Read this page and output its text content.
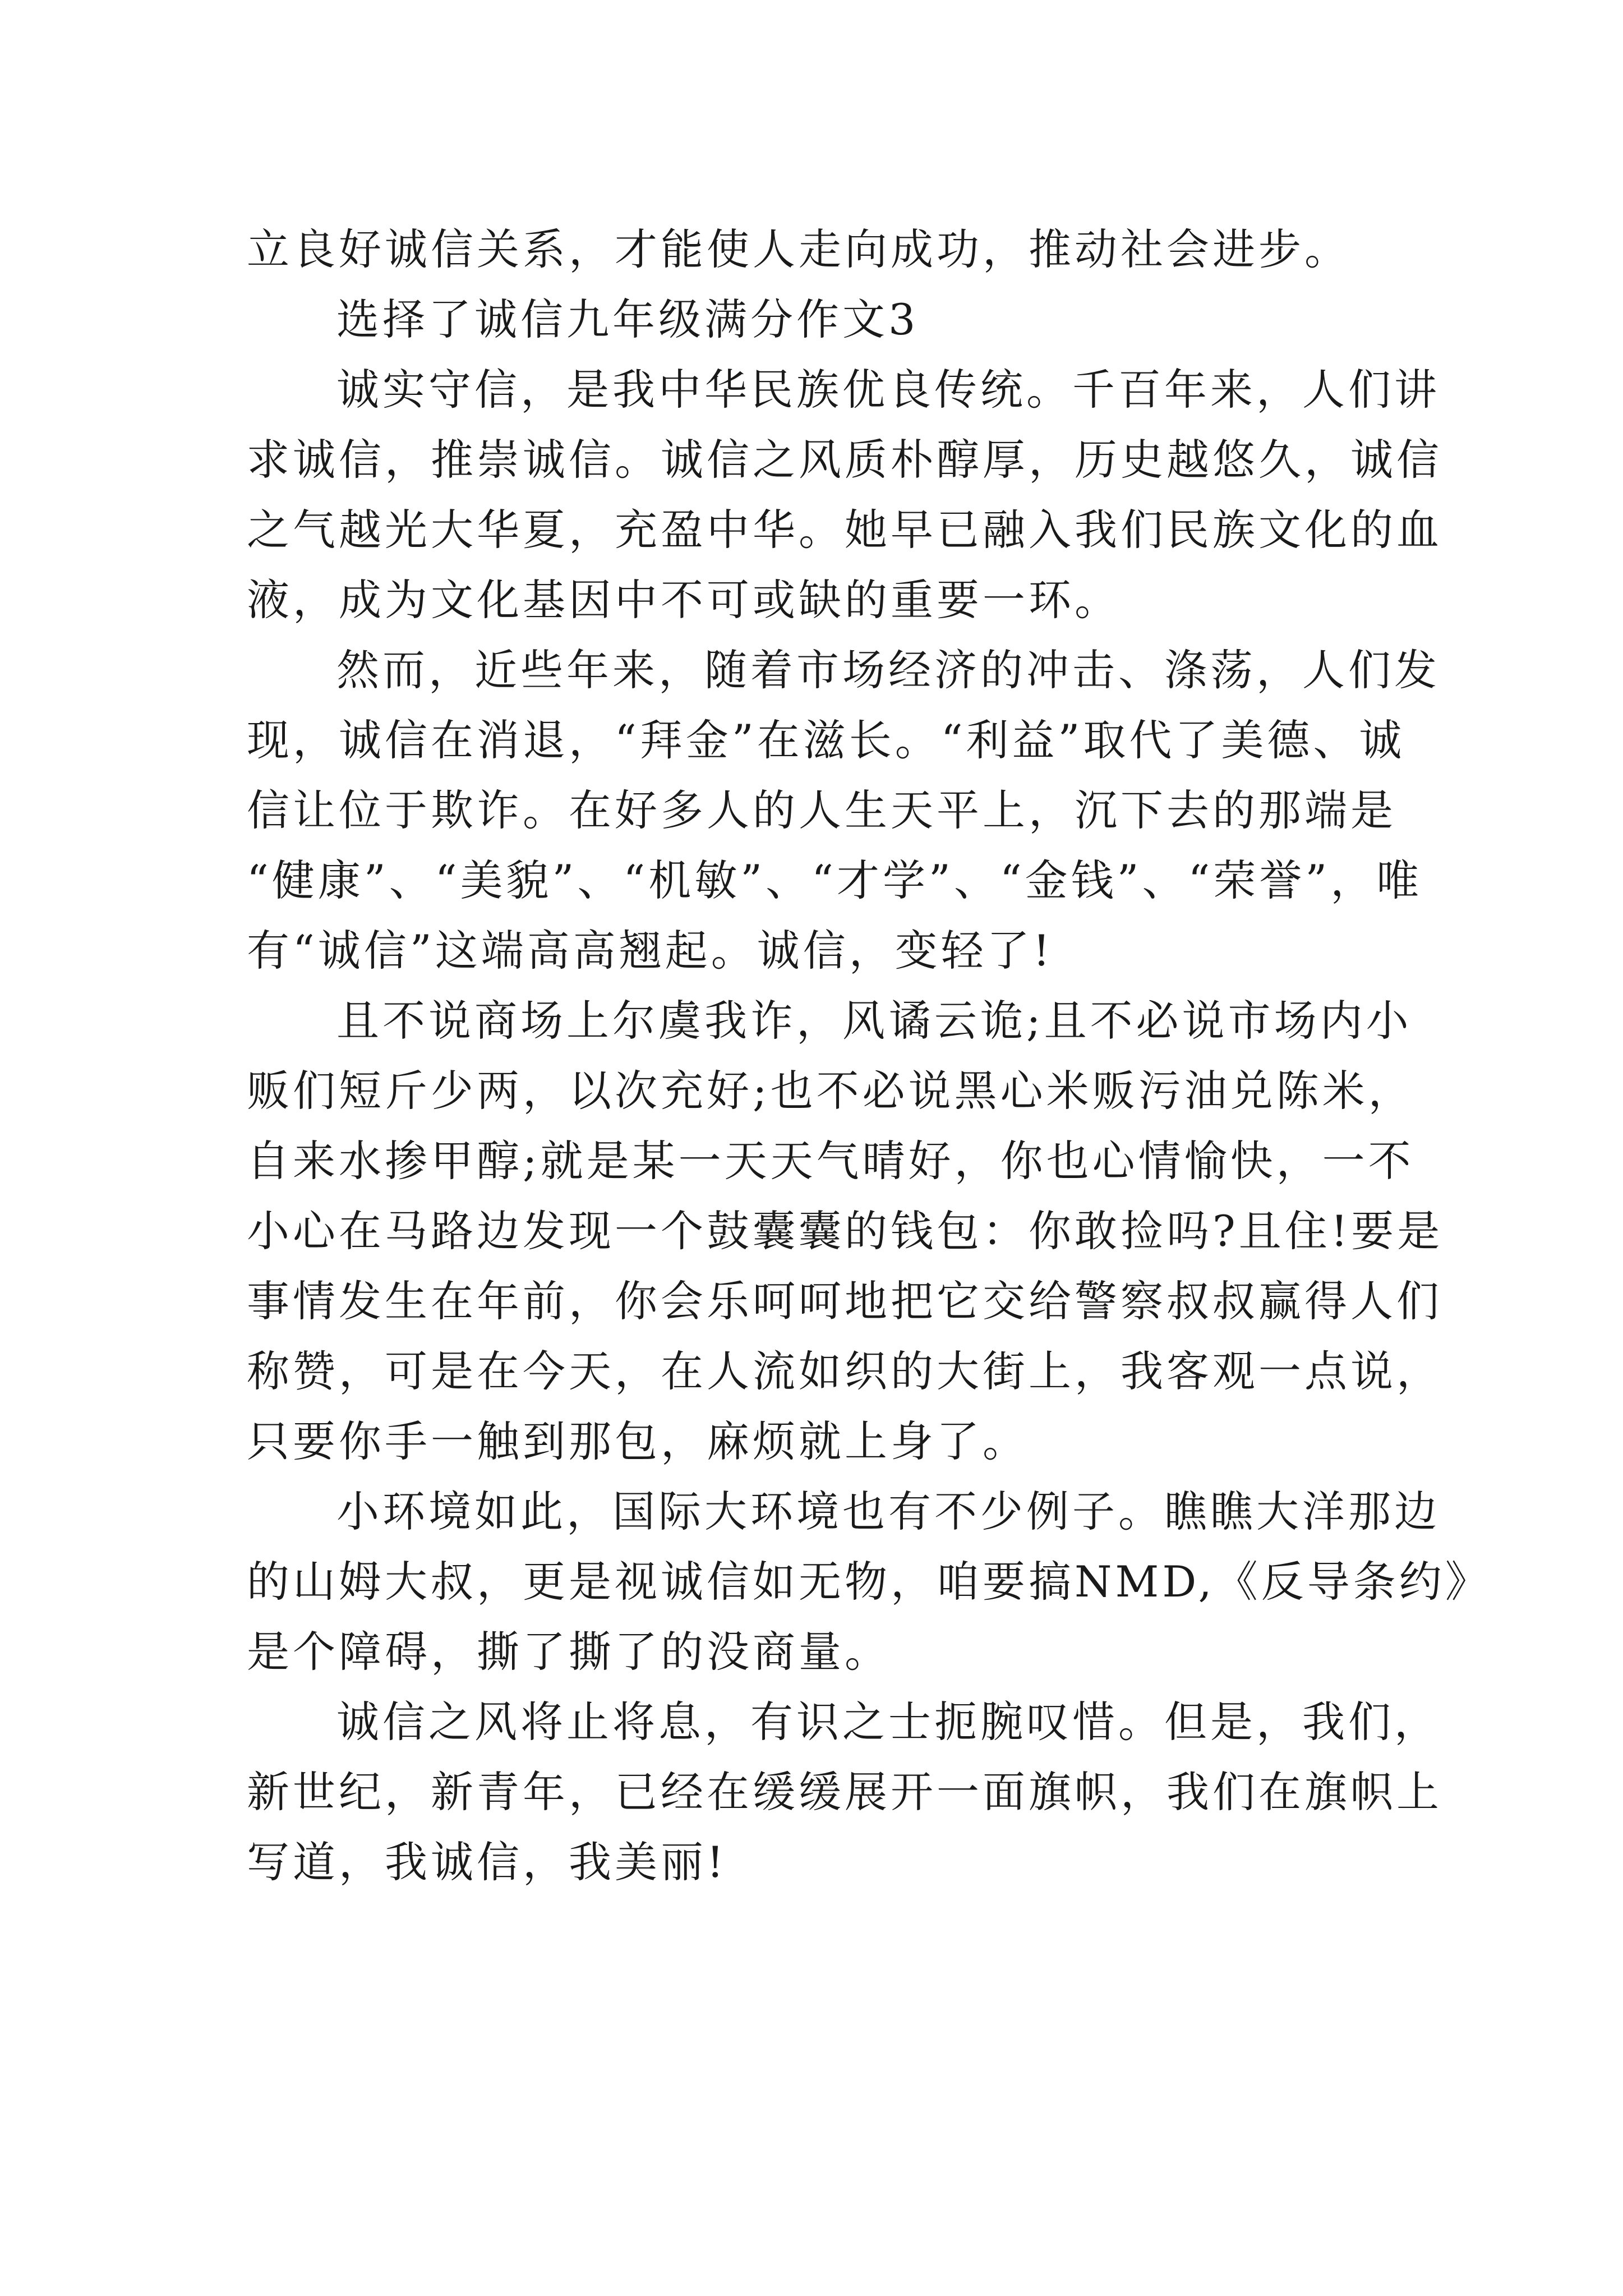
立良好诚信关系，才能使人走向成功，推动社会进步。
选择了诚信九年级满分作文3
诚实守信，是我中华民族优良传统。千百年来，人们讲
求诚信，推崇诚信。诚信之风质朴醇厚，历史越悠久，诚信
之气越光大华夏，充盈中华。她早已融入我们民族文化的血
液，成为文化基因中不可或缺的重要一环。
然而，近些年来，随着市场经济的冲击、涤荡，人们发
现，诚信在消退，“拜金”在滋长。“利益”取代了美德、诚
信让位于欺诈。在好多人的人生天平上，沉下去的那端是
“健康”、“美貌”、“机敏”、“才学”、“金钱”、“荣誉”，唯
有“诚信”这端高高翘起。诚信，变轻了!
且不说商场上尔虞我诈，风谲云诡;且不必说市场内小
贩们短斤少两，以次充好;也不必说黑心米贩污油兑陈米，
自来水掺甲醇;就是某一天天气晴好，你也心情愉快，一不
小心在马路边发现一个鼓囊囊的钱包：你敢捡吗?且住!要是
事情发生在年前，你会乐呵呵地把它交给警察叔叔赢得人们
称赞，可是在今天，在人流如织的大街上，我客观一点说，
只要你手一触到那包，麻烦就上身了。
小环境如此，国际大环境也有不少例子。瞧瞧大洋那边
的山姆大叔，更是视诚信如无物，咱要搞NMD,《反导条约》
是个障碍，撕了撕了的没商量。
诚信之风将止将息，有识之士扼腕叹惜。但是，我们，
新世纪，新青年，已经在缓缓展开一面旗帜，我们在旗帜上
写道，我诚信，我美丽!
